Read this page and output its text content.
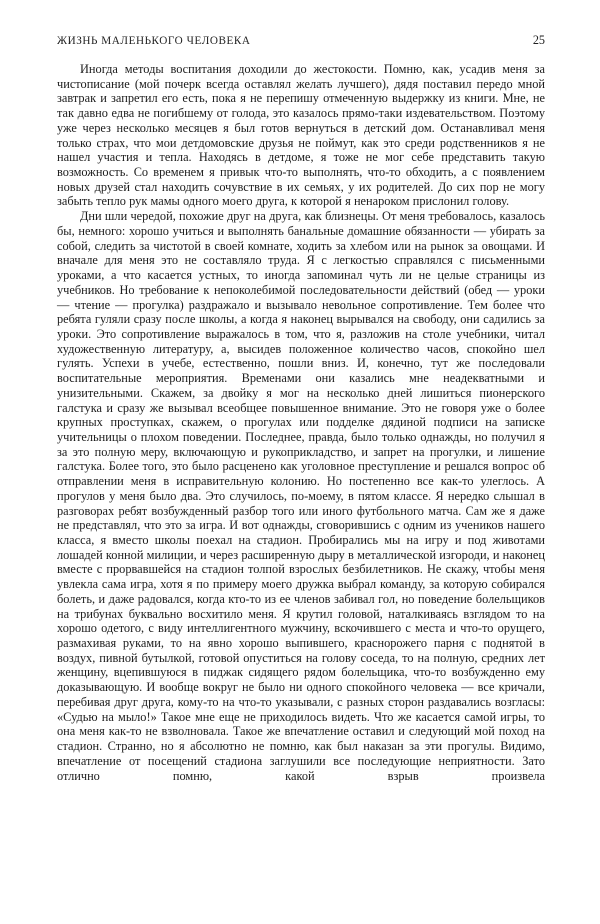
ЖИЗНЬ МАЛЕНЬКОГО ЧЕЛОВЕКА	25

Иногда методы воспитания доходили до жестокости. Помню, как, усадив меня за чистописание (мой почерк всегда оставлял желать лучшего), дядя поставил передо мной завтрак и запретил его есть, пока я не перепишу отмеченную выдержку из книги. Мне, не так давно едва не погибшему от голода, это казалось прямо-таки издевательством. Поэтому уже через несколько месяцев я был готов вернуться в детский дом. Останавливал меня только страх, что мои детдомовские друзья не поймут, как это среди родственников я не нашел участия и тепла. Находясь в детдоме, я тоже не мог себе представить такую возможность. Со временем я привык что-то выполнять, что-то обходить, а с появлением новых друзей стал находить сочувствие в их семьях, у их родителей. До сих пор не могу забыть тепло рук мамы одного моего друга, к которой я ненароком прислонил голову.

Дни шли чередой, похожие друг на друга, как близнецы. От меня требовалось, казалось бы, немного: хорошо учиться и выполнять банальные домашние обязанности — убирать за собой, следить за чистотой в своей комнате, ходить за хлебом или на рынок за овощами. И вначале для меня это не составляло труда. Я с легкостью справлялся с письменными уроками, а что касается устных, то иногда запоминал чуть ли не целые страницы из учебников. Но требование к непоколебимой последовательности действий (обед — уроки — чтение — прогулка) раздражало и вызывало невольное сопротивление. Тем более что ребята гуляли сразу после школы, а когда я наконец вырывался на свободу, они садились за уроки. Это сопротивление выражалось в том, что я, разложив на столе учебники, читал художественную литературу, а, высидев положенное количество часов, спокойно шел гулять. Успехи в учебе, естественно, пошли вниз. И, конечно, тут же последовали воспитательные мероприятия. Временами они казались мне неадекватными и унизительными. Скажем, за двойку я мог на несколько дней лишиться пионерского галстука и сразу же вызывал всеобщее повышенное внимание. Это не говоря уже о более крупных проступках, скажем, о прогулах или подделке дядиной подписи на записке учительницы о плохом поведении. Последнее, правда, было только однажды, но получил я за это полную меру, включающую и рукоприкладство, и запрет на прогулки, и лишение галстука. Более того, это было расценено как уголовное преступление и решался вопрос об отправлении меня в исправительную колонию. Но постепенно все как-то улеглось. А прогулов у меня было два. Это случилось, по-моему, в пятом классе. Я нередко слышал в разговорах ребят возбужденный разбор того или иного футбольного матча. Сам же я даже не представлял, что это за игра. И вот однажды, сговорившись с одним из учеников нашего класса, я вместо школы поехал на стадион. Пробирались мы на игру и под животами лошадей конной милиции, и через расширенную дыру в металлической изгороди, и наконец вместе с прорвавшейся на стадион толпой взрослых безбилетников. Не скажу, чтобы меня увлекла сама игра, хотя я по примеру моего дружка выбрал команду, за которую собирался болеть, и даже радовался, когда кто-то из ее членов забивал гол, но поведение болельщиков на трибунах буквально восхитило меня. Я крутил головой, наталкиваясь взглядом то на хорошо одетого, с виду интеллигентного мужчину, вскочившего с места и что-то орущего, размахивая руками, то на явно хорошо выпившего, краснорожего парня с поднятой в воздух, пивной бутылкой, готовой опуститься на голову соседа, то на полную, средних лет женщину, вцепившуюся в пиджак сидящего рядом болельщика, что-то возбужденно ему доказывающую. И вообще вокруг не было ни одного спокойного человека — все кричали, перебивая друг друга, кому-то на что-то указывали, с разных сторон раздавались возгласы: «Судью на мыло!» Такое мне еще не приходилось видеть. Что же касается самой игры, то она меня как-то не взволновала. Такое же впечатление оставил и следующий мой поход на стадион. Странно, но я абсолютно не помню, как был наказан за эти прогулы. Видимо, впечатление от посещений стадиона заглушили все последующие неприятности. Зато отлично помню, какой взрыв произвела
